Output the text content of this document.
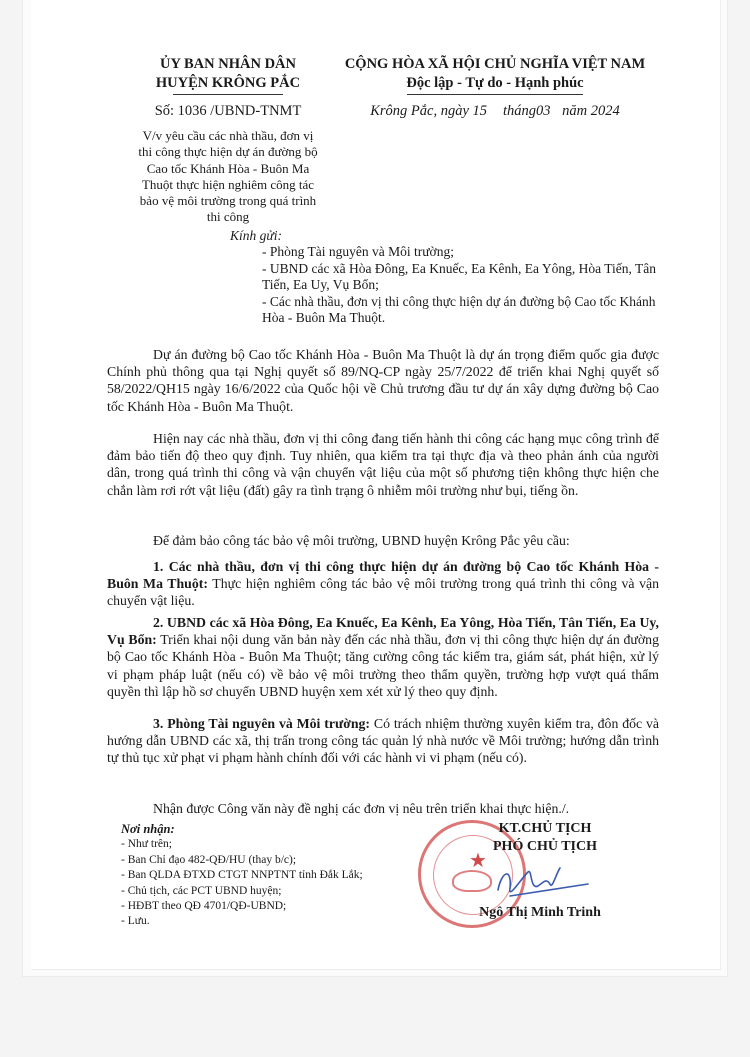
ỦY BAN NHÂN DÂN
HUYỆN KRÔNG PẮC
Số: 1036 /UBND-TNMT
CỘNG HÒA XÃ HỘI CHỦ NGHĨA VIỆT NAM
Độc lập - Tự do - Hạnh phúc
Krông Pắc, ngày 15 tháng03 năm 2024
V/v yêu cầu các nhà thầu, đơn vị
thi công thực hiện dự án đường bộ
Cao tốc Khánh Hòa - Buôn Ma
Thuột thực hiện nghiêm công tác
bảo vệ môi trường trong quá trình
thi công
Kính gửi:
- Phòng Tài nguyên và Môi trường;
- UBND các xã Hòa Đông, Ea Knuếc, Ea Kênh, Ea Yông, Hòa Tiến, Tân Tiến, Ea Uy, Vụ Bổn;
- Các nhà thầu, đơn vị thi công thực hiện dự án đường bộ Cao tốc Khánh Hòa - Buôn Ma Thuột.
Dự án đường bộ Cao tốc Khánh Hòa - Buôn Ma Thuột là dự án trọng điểm quốc gia được Chính phủ thông qua tại Nghị quyết số 89/NQ-CP ngày 25/7/2022 để triển khai Nghị quyết số 58/2022/QH15 ngày 16/6/2022 của Quốc hội về Chủ trương đầu tư dự án xây dựng đường bộ Cao tốc Khánh Hòa - Buôn Ma Thuột.
Hiện nay các nhà thầu, đơn vị thi công đang tiến hành thi công các hạng mục công trình để đảm bảo tiến độ theo quy định. Tuy nhiên, qua kiểm tra tại thực địa và theo phản ánh của người dân, trong quá trình thi công và vận chuyển vật liệu của một số phương tiện không thực hiện che chắn làm rơi rớt vật liệu (đất) gây ra tình trạng ô nhiễm môi trường như bụi, tiếng ồn.
Để đảm bảo công tác bảo vệ môi trường, UBND huyện Krông Pắc yêu cầu:
1. Các nhà thầu, đơn vị thi công thực hiện dự án đường bộ Cao tốc Khánh Hòa - Buôn Ma Thuột: Thực hiện nghiêm công tác bảo vệ môi trường trong quá trình thi công và vận chuyển vật liệu.
2. UBND các xã Hòa Đông, Ea Knuếc, Ea Kênh, Ea Yông, Hòa Tiến, Tân Tiến, Ea Uy, Vụ Bổn: Triển khai nội dung văn bản này đến các nhà thầu, đơn vị thi công thực hiện dự án đường bộ Cao tốc Khánh Hòa - Buôn Ma Thuột; tăng cường công tác kiểm tra, giám sát, phát hiện, xử lý vi phạm pháp luật (nếu có) về bảo vệ môi trường theo thẩm quyền, trường hợp vượt quá thẩm quyền thì lập hồ sơ chuyển UBND huyện xem xét xử lý theo quy định.
3. Phòng Tài nguyên và Môi trường: Có trách nhiệm thường xuyên kiểm tra, đôn đốc và hướng dẫn UBND các xã, thị trấn trong công tác quản lý nhà nước về Môi trường; hướng dẫn trình tự thủ tục xử phạt vi phạm hành chính đối với các hành vi vi phạm (nếu có).
Nhận được Công văn này đề nghị các đơn vị nêu trên triển khai thực hiện./.
Nơi nhận:
- Như trên;
- Ban Chỉ đạo 482-QĐ/HU (thay b/c);
- Ban QLDA ĐTXD CTGT NNPTNT tỉnh Đắk Lắk;
- Chủ tịch, các PCT UBND huyện;
- HĐBT theo QĐ 4701/QĐ-UBND;
- Lưu.
★
KT.CHỦ TỊCH
PHÓ CHỦ TỊCH
Ngô Thị Minh Trinh
